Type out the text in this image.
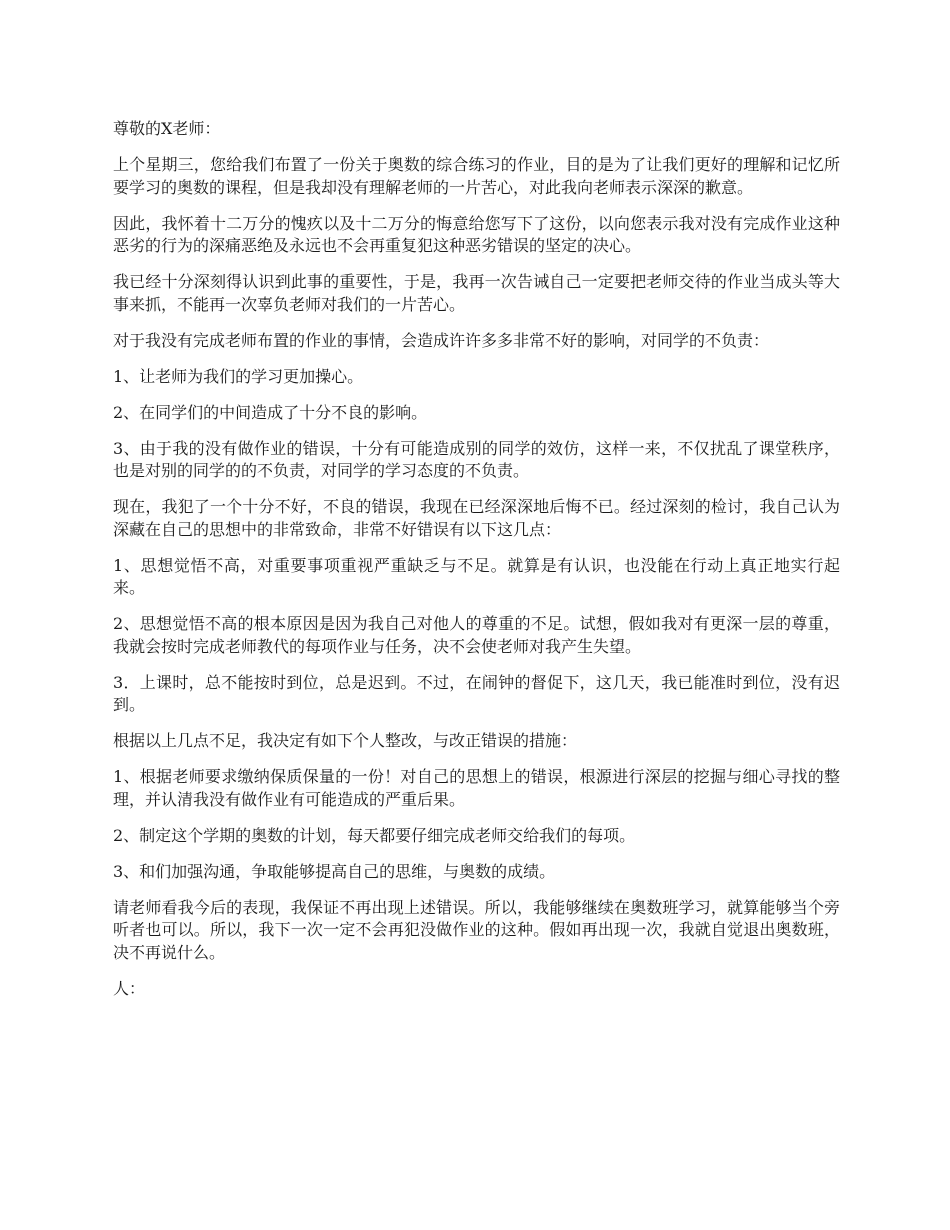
尊敬的X老师：

上个星期三，您给我们布置了一份关于奥数的综合练习的作业，目的是为了让我们更好的理解和记忆所要学习的奥数的课程，但是我却没有理解老师的一片苦心，对此我向老师表示深深的歉意。

因此，我怀着十二万分的愧疚以及十二万分的悔意给您写下了这份，以向您表示我对没有完成作业这种恶劣的行为的深痛恶绝及永远也不会再重复犯这种恶劣错误的坚定的决心。

我已经十分深刻得认识到此事的重要性，于是，我再一次告诫自己一定要把老师交待的作业当成头等大事来抓，不能再一次辜负老师对我们的一片苦心。

对于我没有完成老师布置的作业的事情，会造成许许多多非常不好的影响，对同学的不负责：

1、让老师为我们的学习更加操心。

2、在同学们的中间造成了十分不良的影响。

3、由于我的没有做作业的错误，十分有可能造成别的同学的效仿，这样一来，不仅扰乱了课堂秩序，也是对别的同学的的不负责，对同学的学习态度的不负责。

现在，我犯了一个十分不好，不良的错误，我现在已经深深地后悔不已。经过深刻的检讨，我自己认为深藏在自己的思想中的非常致命，非常不好错误有以下这几点：

1、思想觉悟不高，对重要事项重视严重缺乏与不足。就算是有认识，也没能在行动上真正地实行起来。

2、思想觉悟不高的根本原因是因为我自己对他人的尊重的不足。试想，假如我对有更深一层的尊重，我就会按时完成老师教代的每项作业与任务，决不会使老师对我产生失望。

3．上课时，总不能按时到位，总是迟到。不过，在闹钟的督促下，这几天，我已能准时到位，没有迟到。

根据以上几点不足，我决定有如下个人整改，与改正错误的措施：

1、根据老师要求缴纳保质保量的一份！对自己的思想上的错误，根源进行深层的挖掘与细心寻找的整理，并认清我没有做作业有可能造成的严重后果。

2、制定这个学期的奥数的计划，每天都要仔细完成老师交给我们的每项。

3、和们加强沟通，争取能够提高自己的思维，与奥数的成绩。

请老师看我今后的表现，我保证不再出现上述错误。所以，我能够继续在奥数班学习，就算能够当个旁听者也可以。所以，我下一次一定不会再犯没做作业的这种。假如再出现一次，我就自觉退出奥数班，决不再说什么。

人：
